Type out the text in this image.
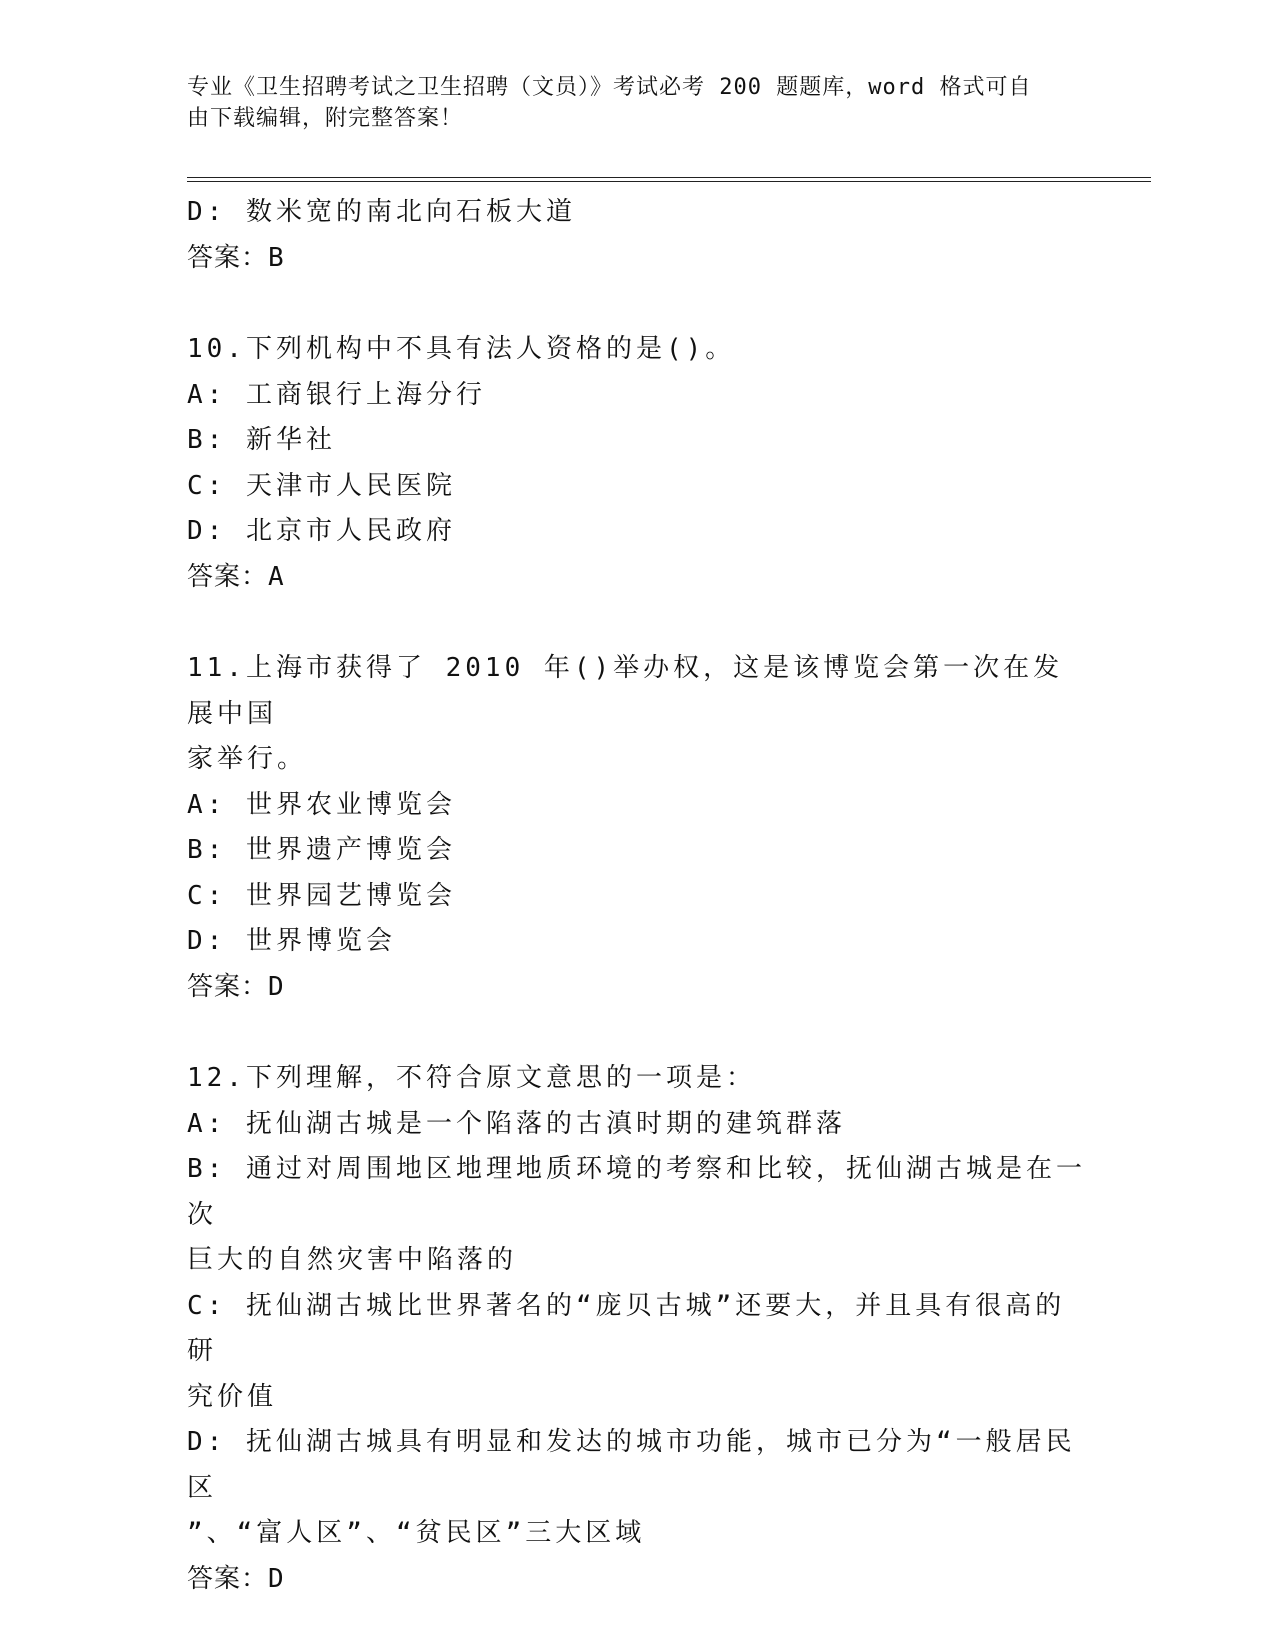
专业《卫生招聘考试之卫生招聘（文员）》考试必考 200 题题库，word 格式可自
由下载编辑，附完整答案！
D: 数米宽的南北向石板大道
答案：B
10.下列机构中不具有法人资格的是()。
A: 工商银行上海分行
B: 新华社
C: 天津市人民医院
D: 北京市人民政府
答案：A
11.上海市获得了 2010 年()举办权，这是该博览会第一次在发展中国
家举行。
A: 世界农业博览会
B: 世界遗产博览会
C: 世界园艺博览会
D: 世界博览会
答案：D
12.下列理解，不符合原文意思的一项是：
A: 抚仙湖古城是一个陷落的古滇时期的建筑群落
B: 通过对周围地区地理地质环境的考察和比较，抚仙湖古城是在一次
巨大的自然灾害中陷落的
C: 抚仙湖古城比世界著名的“庞贝古城”还要大，并且具有很高的研
究价值
D: 抚仙湖古城具有明显和发达的城市功能，城市已分为“一般居民区
”、“富人区”、“贫民区”三大区域
答案：D
